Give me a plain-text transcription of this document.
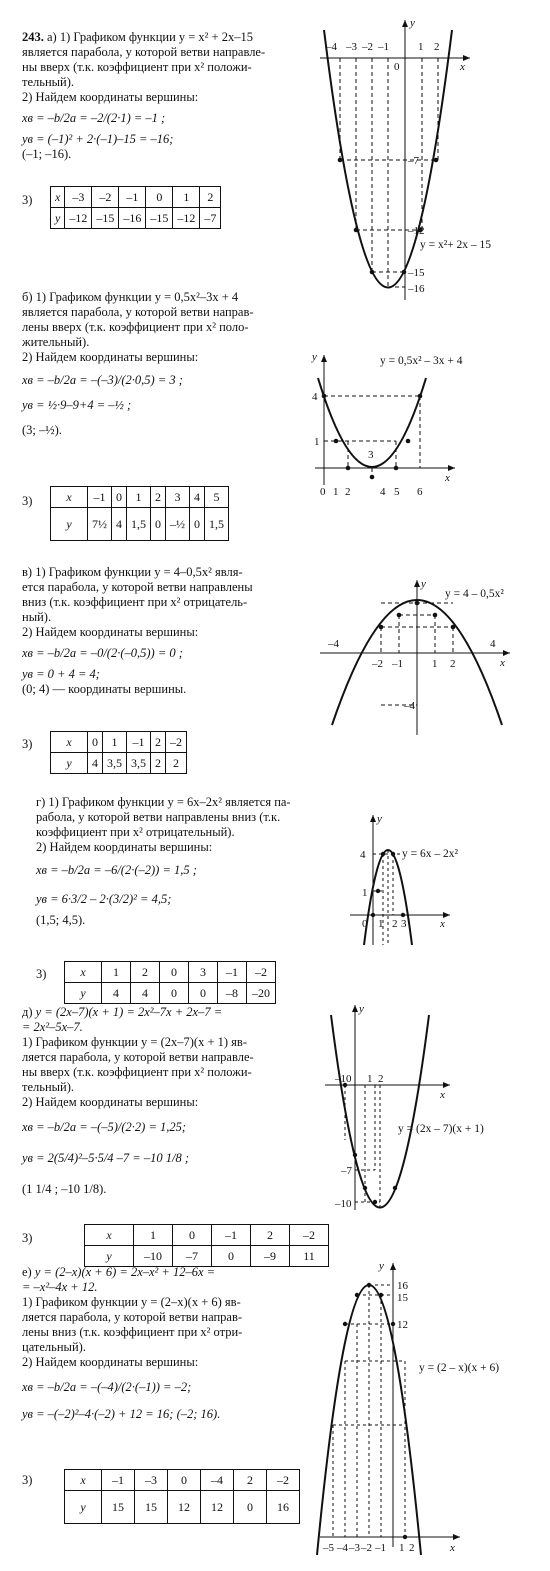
243. а) 1) Графиком функции y = x² + 2x–15

является парабола, у которой ветви направле-

ны вверх (т.к. коэффициент при x² положи-

тельный).

2) Найдем координаты вершины:

xв = –b/2a = –2/(2·1) = –1 ;

yв = (–1)² + 2·(–1)–15 = –16;

(–1; –16).

3) x	–3	–2	–1	0	1	2
y	–12	–15	–16	–15	–12	–7
x
y
–4 –3 –2 –1	1 2
0
–7
–12
–15
–16
y = x²+ 2x – 15

б) 1) Графиком функции y = 0,5x²–3x + 4

является парабола, у которой ветви направ-

лены вверх (т.к. коэффициент при x² поло-

жительный).

2) Найдем координаты вершины:

xв = –b/2a = –(–3)/(2·0,5) = 3 ;

yв = ½·9–9+4 = –½ ;

(3; –½).

3)	x	–1	0	1	2	3	4	5
y	7½	4	1,5	0	–½	0	1,5
x
y
4
1
0 1 2
3
4 5 6
y = 0,5x² – 3x + 4

в) 1) Графиком функции y = 4–0,5x² явля-

ется парабола, у которой ветви направлены

вниз (т.к. коэффициент при x² отрицатель-

ный).

2) Найдем координаты вершины:

xв = –b/2a = –0/(2·(–0,5)) = 0 ;

yв = 0 + 4 = 4;

(0; 4) — координаты вершины.

3)	x	0	1	–1	2	–2
y	4	3,5	3,5	2	2
x
y
–4
–2 –1	1 2
4
–4
y = 4 – 0,5x²

г) 1) Графиком функции y = 6x–2x² является па-

рабола, у которой ветви направлены вниз (т.к.

коэффициент при x² отрицательный).

2) Найдем координаты вершины:

xв = –b/2a = –6/(2·(–2)) = 1,5 ;

yв = 6·3/2 – 2·(3/2)² = 4,5;

(1,5; 4,5).

3)	x	1	2	0	3	–1	–2
y	4	4	0	0	–8	–20
x
y
4
1
0 1 2 3
y = 6x – 2x²

д) y = (2x–7)(x + 1) = 2x²–7x + 2x–7 =

= 2x²–5x–7.

1) Графиком функции y = (2x–7)(x + 1) яв-

ляется парабола, у которой ветви направле-

ны вверх (т.к. коэффициент при x² положи-

тельный).

2) Найдем координаты вершины:

xв = –b/2a = –(–5)/(2·2) = 1,25;

yв = 2(5/4)²–5·5/4 –7 = –10 1/8 ;

(1 1/4 ; –10 1/8).

3)	x	1	0	–1	2	–2
y	–10	–7	0	–9	11
x
y
–1 0 1 2
–7
–10
y = (2x – 7)(x + 1)

е) y = (2–x)(x + 6) = 2x–x² + 12–6x =

= –x²–4x + 12.

1) Графиком функции y = (2–x)(x + 6) яв-

ляется парабола, у которой ветви направ-

лены вниз (т.к. коэффициент при x² отри-

цательный).

2) Найдем координаты вершины:

xв = –b/2a = –(–4)/(2·(–1)) = –2;

yв = –(–2)²–4·(–2) + 12 = 16; (–2; 16).

3)	x	–1	–3	0	–4	2	–2
y	15	15	12	12	0	16
x
y
16
15
12
–5 –4 –3 –2 –1 1 2
y = (2 – x)(x + 6)
